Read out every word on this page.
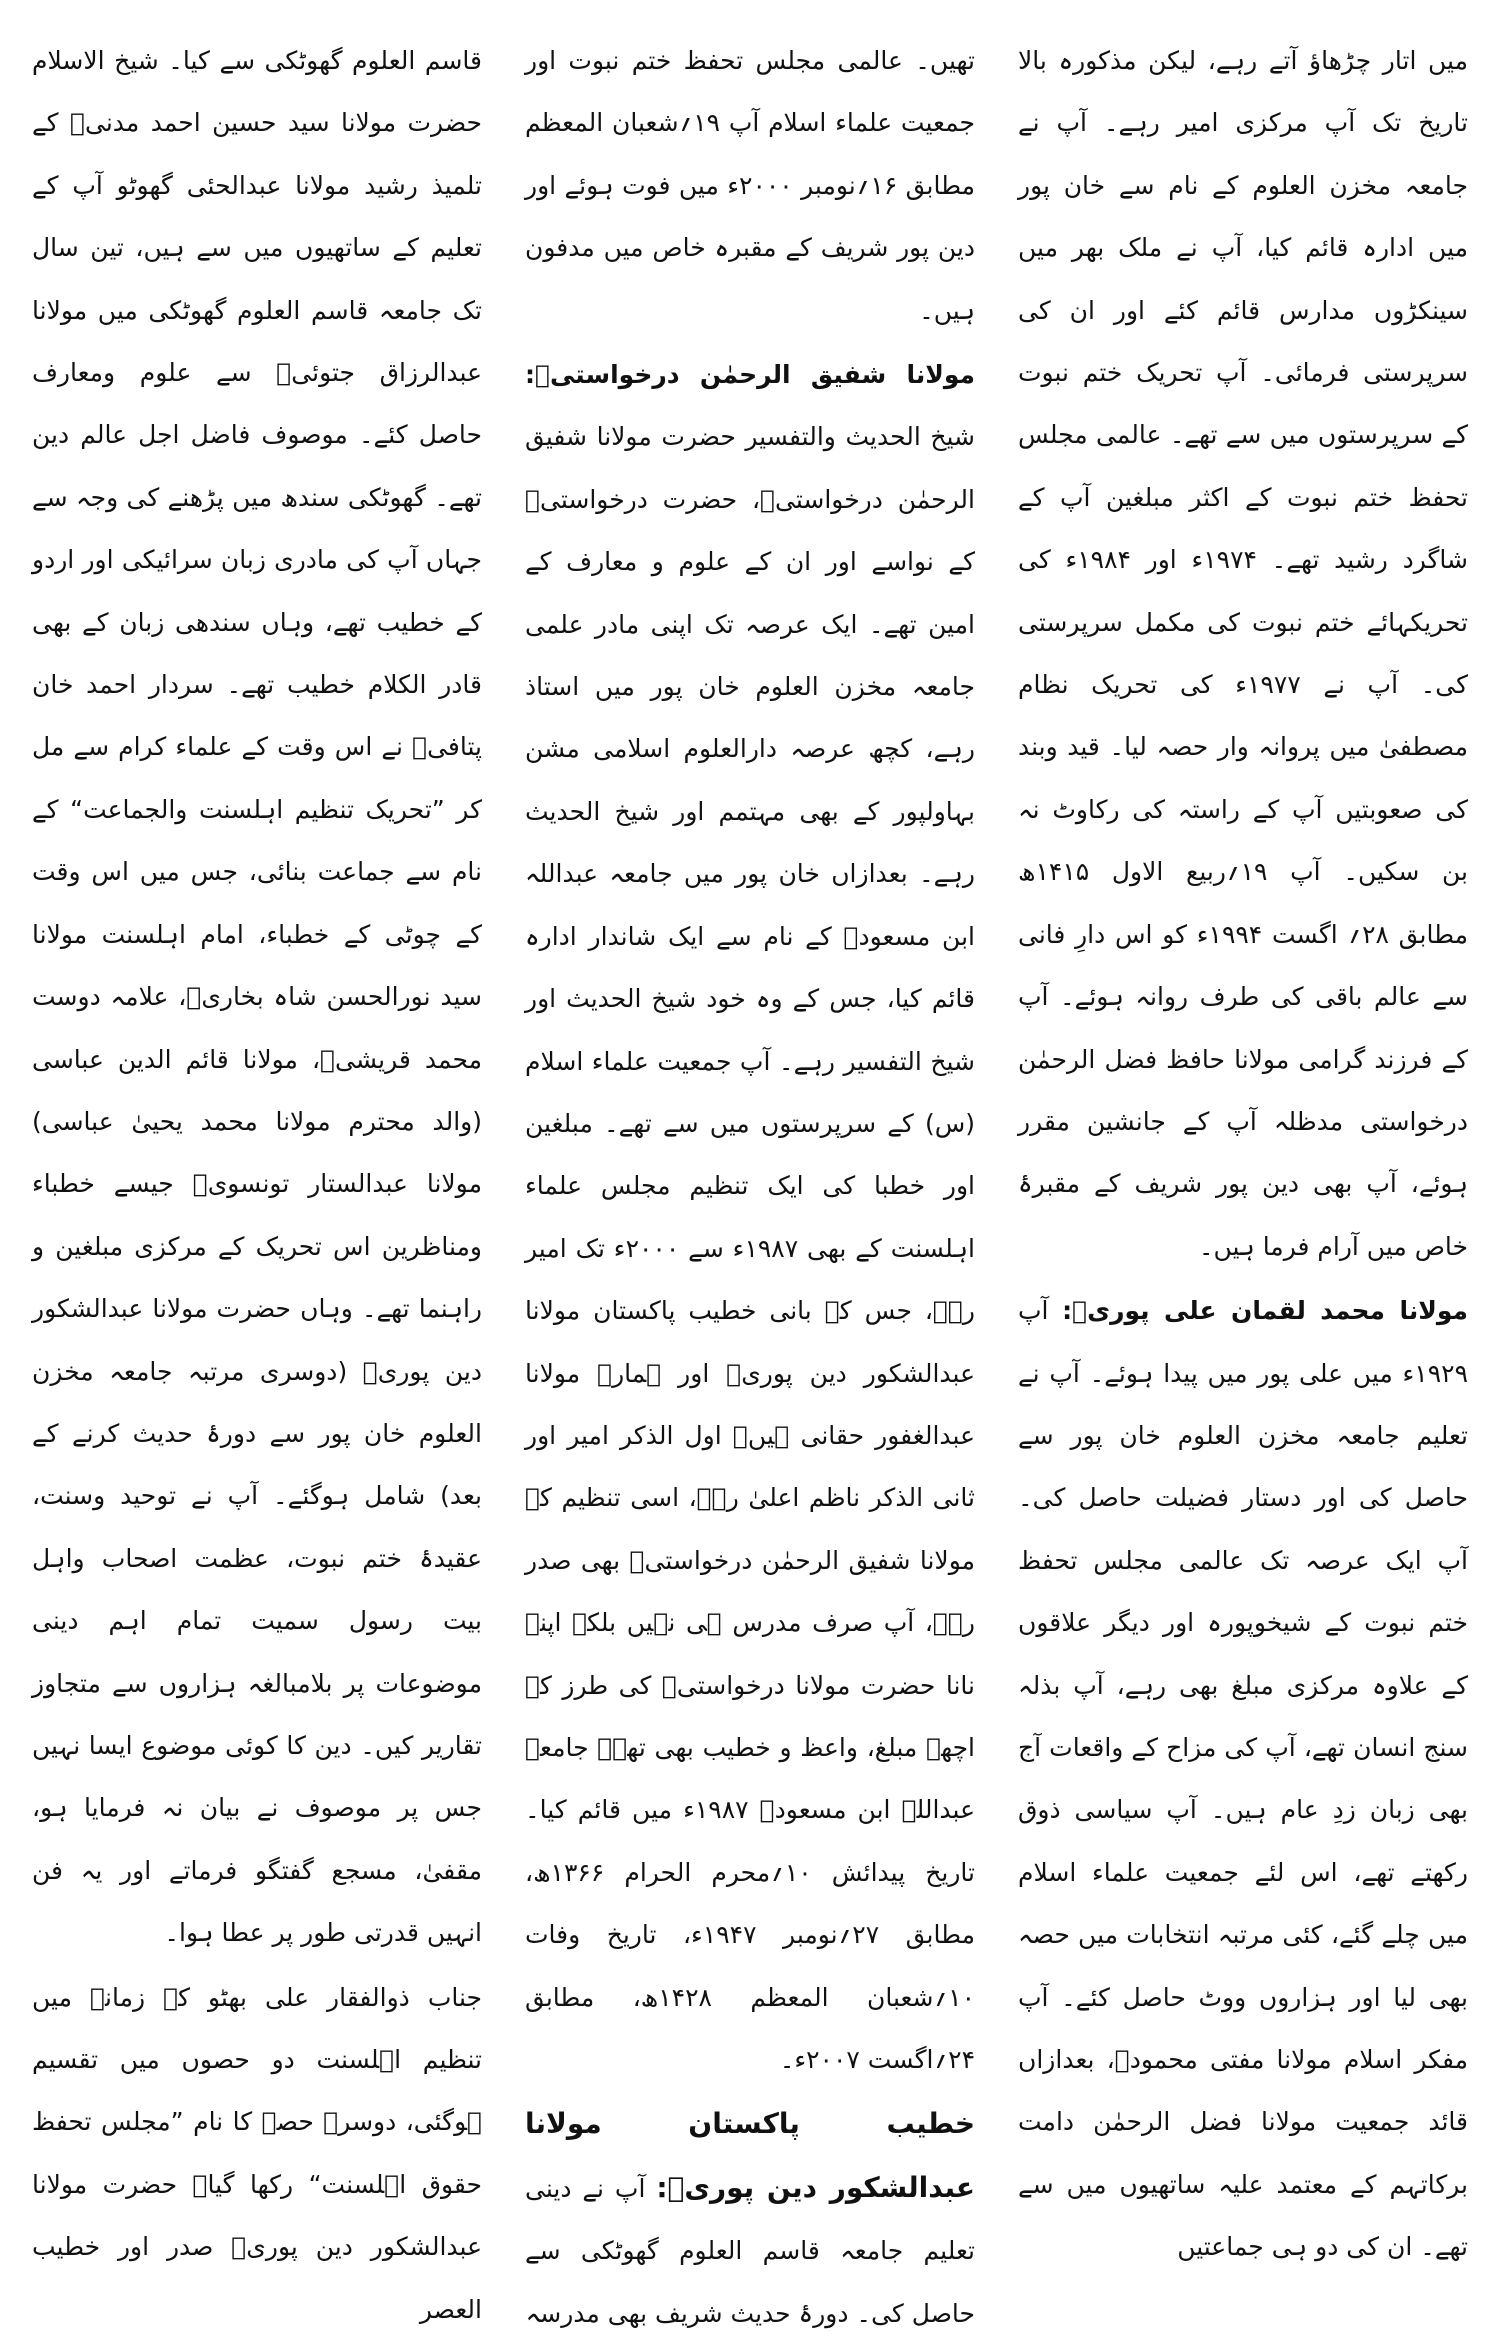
میں اتار چڑھاؤ آتے رہے، لیکن مذکورہ بالا تاریخ تک آپ مرکزی امیر رہے۔ آپ نے جامعہ مخزن العلوم کے نام سے خان پور میں ادارہ قائم کیا، آپ نے ملک بھر میں سینکڑوں مدارس قائم کئے اور ان کی سرپرستی فرمائی۔ آپ تحریک ختم نبوت کے سرپرستوں میں سے تھے۔ عالمی مجلس تحفظ ختم نبوت کے اکثر مبلغین آپ کے شاگرد رشید تھے۔ ۱۹۷۴ء اور ۱۹۸۴ء کی تحریکہائے ختم نبوت کی مکمل سرپرستی کی۔ آپ نے ۱۹۷۷ء کی تحریک نظام مصطفیٰ میں پروانہ وار حصہ لیا۔ قید وبند کی صعوبتیں آپ کے راستہ کی رکاوٹ نہ بن سکیں۔ آپ ۱۹؍ربیع الاول ۱۴۱۵ھ مطابق ۲۸؍ اگست ۱۹۹۴ء کو اس دارِ فانی سے عالم باقی کی طرف روانہ ہوئے۔ آپ کے فرزند گرامی مولانا حافظ فضل الرحمٰن درخواستی مدظلہ آپ کے جانشین مقرر ہوئے، آپ بھی دین پور شریف کے مقبرۂ خاص میں آرام فرما ہیں۔

مولانا محمد لقمان علی پوریؒ: آپ ۱۹۲۹ء میں علی پور میں پیدا ہوئے۔ آپ نے تعلیم جامعہ مخزن العلوم خان پور سے حاصل کی اور دستار فضیلت حاصل کی۔ آپ ایک عرصہ تک عالمی مجلس تحفظ ختم نبوت کے شیخوپورہ اور دیگر علاقوں کے علاوہ مرکزی مبلغ بھی رہے، آپ بذلہ سنج انسان تھے، آپ کی مزاح کے واقعات آج بھی زبان زدِ عام ہیں۔ آپ سیاسی ذوق رکھتے تھے، اس لئے جمعیت علماء اسلام میں چلے گئے، کئی مرتبہ انتخابات میں حصہ بھی لیا اور ہزاروں ووٹ حاصل کئے۔ آپ مفکر اسلام مولانا مفتی محمودؒ، بعدازاں قائد جمعیت مولانا فضل الرحمٰن دامت برکاتہم کے معتمد علیہ ساتھیوں میں سے تھے۔ ان کی دو ہی جماعتیں

تھیں۔ عالمی مجلس تحفظ ختم نبوت اور جمعیت علماء اسلام آپ ۱۹؍شعبان المعظم مطابق ۱۶؍نومبر ۲۰۰۰ء میں فوت ہوئے اور دین پور شریف کے مقبرہ خاص میں مدفون ہیں۔

مولانا شفیق الرحمٰن درخواستیؒ: شیخ الحدیث والتفسیر حضرت مولانا شفیق الرحمٰن درخواستیؒ، حضرت درخواستیؒ کے نواسے اور ان کے علوم و معارف کے امین تھے۔ ایک عرصہ تک اپنی مادر علمی جامعہ مخزن العلوم خان پور میں استاذ رہے، کچھ عرصہ دارالعلوم اسلامی مشن بہاولپور کے بھی مہتمم اور شیخ الحدیث رہے۔ بعدازاں خان پور میں جامعہ عبداللہ ابن مسعودؓ کے نام سے ایک شاندار ادارہ قائم کیا، جس کے وہ خود شیخ الحدیث اور شیخ التفسیر رہے۔ آپ جمعیت علماء اسلام (س) کے سرپرستوں میں سے تھے۔ مبلغین اور خطبا کی ایک تنظیم مجلس علماء اہلسنت کے بھی ۱۹۸۷ء سے ۲۰۰۰ء تک امیر رہے، جس کے بانی خطیب پاکستان مولانا عبدالشکور دین پوریؒ اور ہمارے مولانا عبدالغفور حقانی ہیں۔ اول الذکر امیر اور ثانی الذکر ناظم اعلیٰ رہے، اسی تنظیم کے مولانا شفیق الرحمٰن درخواستیؒ بھی صدر رہے، آپ صرف مدرس ہی نہیں بلکہ اپنے نانا حضرت مولانا درخواستیؒ کی طرز کے اچھے مبلغ، واعظ و خطیب بھی تھے۔ جامعہ عبداللہ ابن مسعودؓ ۱۹۸۷ء میں قائم کیا۔ تاریخ پیدائش ۱۰؍محرم الحرام ۱۳۶۶ھ، مطابق ۲۷؍نومبر ۱۹۴۷ء، تاریخ وفات ۱۰؍شعبان المعظم ۱۴۲۸ھ، مطابق ۲۴؍اگست ۲۰۰۷ء۔

خطیب پاکستان مولانا عبدالشکور دین پوریؒ: آپ نے دینی تعلیم جامعہ قاسم العلوم گھوٹکی سے حاصل کی۔ دورۂ حدیث شریف بھی مدرسہ

قاسم العلوم گھوٹکی سے کیا۔ شیخ الاسلام حضرت مولانا سید حسین احمد مدنیؒ کے تلمیذ رشید مولانا عبدالحئی گھوٹو آپ کے تعلیم کے ساتھیوں میں سے ہیں، تین سال تک جامعہ قاسم العلوم گھوٹکی میں مولانا عبدالرزاق جتوئیؒ سے علوم ومعارف حاصل کئے۔ موصوف فاضل اجل عالم دین تھے۔ گھوٹکی سندھ میں پڑھنے کی وجہ سے جہاں آپ کی مادری زبان سرائیکی اور اردو کے خطیب تھے، وہاں سندھی زبان کے بھی قادر الکلام خطیب تھے۔ سردار احمد خان پتافیؒ نے اس وقت کے علماء کرام سے مل کر ”تحریک تنظیم اہلسنت والجماعت“ کے نام سے جماعت بنائی، جس میں اس وقت کے چوٹی کے خطباء، امام اہلسنت مولانا سید نورالحسن شاہ بخاریؒ، علامہ دوست محمد قریشیؒ، مولانا قائم الدین عباسی (والد محترم مولانا محمد یحییٰ عباسی) مولانا عبدالستار تونسویؒ جیسے خطباء ومناظرین اس تحریک کے مرکزی مبلغین و راہنما تھے۔ وہاں حضرت مولانا عبدالشکور دین پوریؒ (دوسری مرتبہ جامعہ مخزن العلوم خان پور سے دورۂ حدیث کرنے کے بعد) شامل ہوگئے۔ آپ نے توحید وسنت، عقیدۂ ختم نبوت، عظمت اصحاب واہل بیت رسول سمیت تمام اہم دینی موضوعات پر بلامبالغہ ہزاروں سے متجاوز تقاریر کیں۔ دین کا کوئی موضوع ایسا نہیں جس پر موصوف نے بیان نہ فرمایا ہو، مقفیٰ، مسجع گفتگو فرماتے اور یہ فن انہیں قدرتی طور پر عطا ہوا۔

جناب ذوالفقار علی بھٹو کے زمانہ میں تنظیم اہلسنت دو حصوں میں تقسیم ہوگئی، دوسرے حصہ کا نام ”مجلس تحفظ حقوق اہلسنت“ رکھا گیا۔ حضرت مولانا عبدالشکور دین پوریؒ صدر اور خطیب العصر
